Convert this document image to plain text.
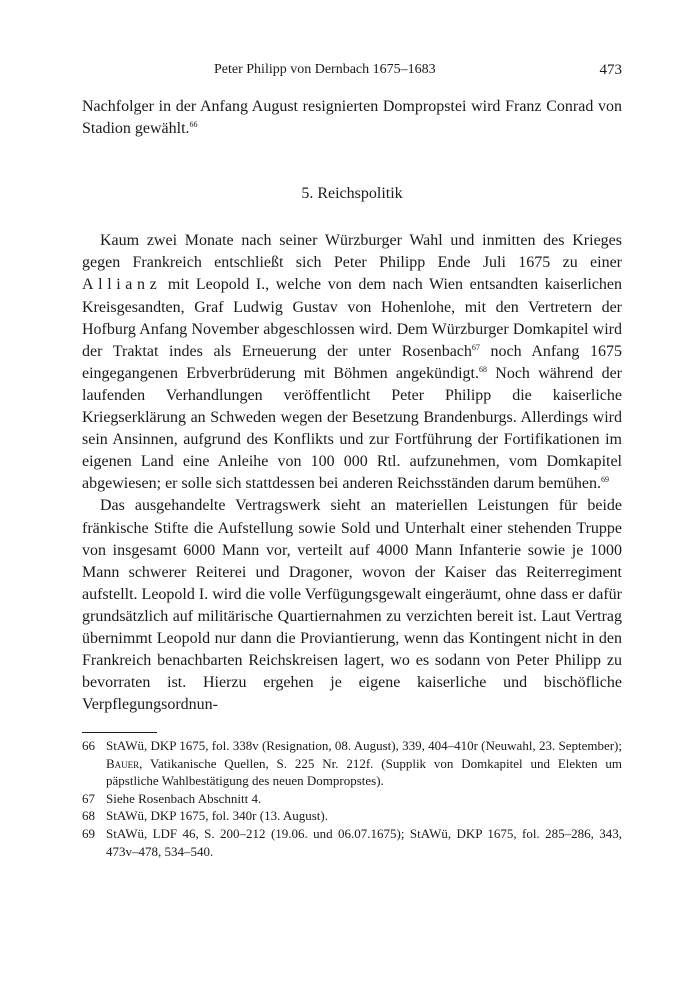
Peter Philipp von Dernbach 1675–1683	473

Nachfolger in der Anfang August resignierten Dompropstei wird Franz Conrad von Stadion gewählt.$^{66}$

5. Reichspolitik

Kaum zwei Monate nach seiner Würzburger Wahl und inmitten des Krieges gegen Frankreich entschließt sich Peter Philipp Ende Juli 1675 zu einer Allianz mit Leopold I., welche von dem nach Wien entsandten kaiserlichen Kreisgesandten, Graf Ludwig Gustav von Hohenlohe, mit den Vertretern der Hofburg Anfang November abgeschlossen wird. Dem Würzburger Domkapitel wird der Traktat indes als Erneuerung der unter Rosenbach$^{67}$ noch Anfang 1675 eingegangenen Erbverbrüderung mit Böhmen angekündigt.$^{68}$ Noch während der laufenden Verhandlungen veröffentlicht Peter Philipp die kaiserliche Kriegserklärung an Schweden wegen der Besetzung Brandenburgs. Allerdings wird sein Ansinnen, aufgrund des Konflikts und zur Fortführung der Fortifikationen im eigenen Land eine Anleihe von 100 000 Rtl. aufzunehmen, vom Domkapitel abgewiesen; er solle sich stattdessen bei anderen Reichsständen darum bemühen.$^{69}$

Das ausgehandelte Vertragswerk sieht an materiellen Leistungen für beide fränkische Stifte die Aufstellung sowie Sold und Unterhalt einer stehenden Truppe von insgesamt 6000 Mann vor, verteilt auf 4000 Mann Infanterie sowie je 1000 Mann schwerer Reiterei und Dragoner, wovon der Kaiser das Reiterregiment aufstellt. Leopold I. wird die volle Verfügungsgewalt eingeräumt, ohne dass er dafür grundsätzlich auf militärische Quartiernahmen zu verzichten bereit ist. Laut Vertrag übernimmt Leopold nur dann die Proviantierung, wenn das Kontingent nicht in den Frankreich benachbarten Reichskreisen lagert, wo es sodann von Peter Philipp zu bevorraten ist. Hierzu ergehen je eigene kaiserliche und bischöfliche Verpflegungsordnun-

66 StAWü, DKP 1675, fol. 338v (Resignation, 08. August), 339, 404–410r (Neuwahl, 23. September); Bauer, Vatikanische Quellen, S. 225 Nr. 212f. (Supplik von Domkapitel und Elekten um päpstliche Wahlbestätigung des neuen Dompropstes).
67 Siehe Rosenbach Abschnitt 4.
68 StAWü, DKP 1675, fol. 340r (13. August).
69 StAWü, LDF 46, S. 200–212 (19.06. und 06.07.1675); StAWü, DKP 1675, fol. 285–286, 343, 473v–478, 534–540.
